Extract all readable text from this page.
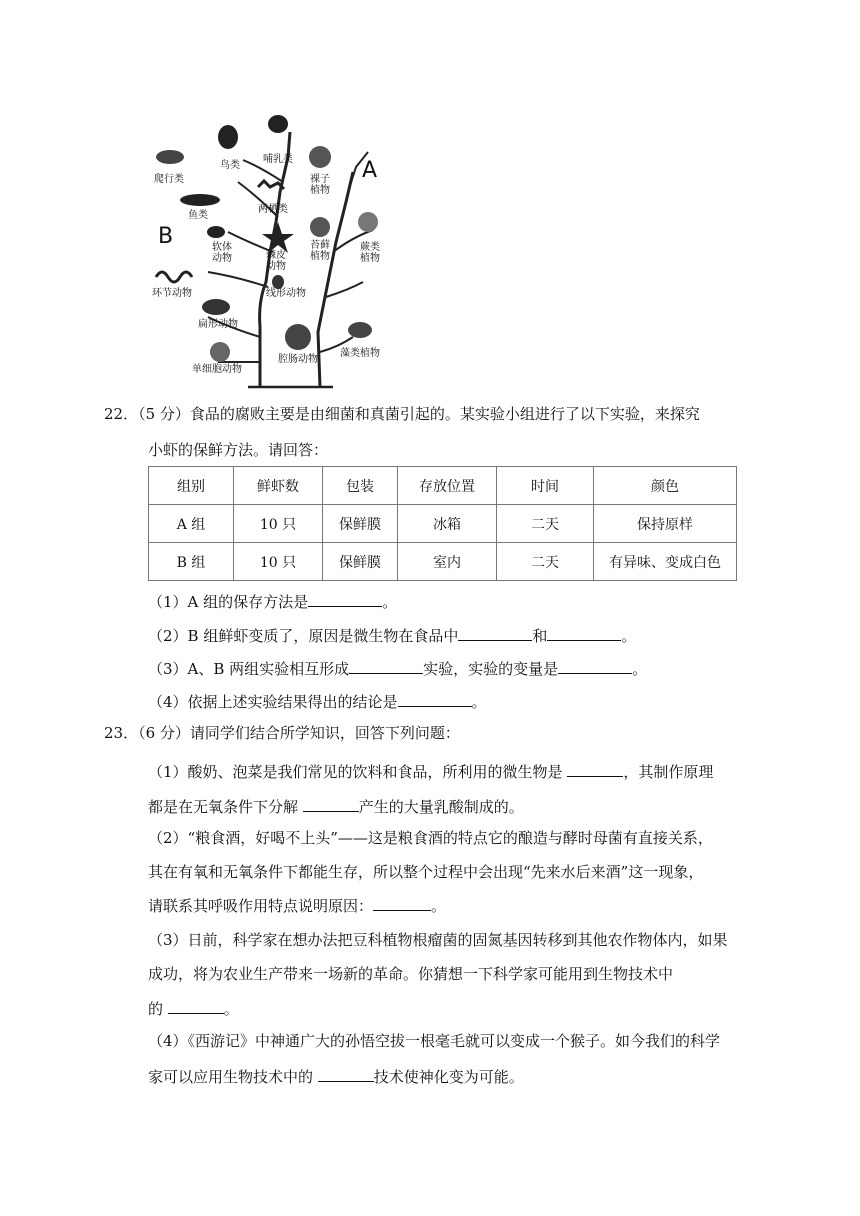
A
B
爬行类
鸟类
哺乳类
裸子
植物
鱼类
两栖类
软体
动物	棘皮
动物
苔藓
植物
蕨类
植物
环节动物	线形动物
扁形动物
腔肠动物
单细胞动物
藻类植物
22．（5 分）食品的腐败主要是由细菌和真菌引起的。某实验小组进行了以下实验，来探究
小虾的保鲜方法。请回答：
组别	鲜虾数	包装	存放位置	时间	颜色
A 组	10 只	保鲜膜	冰箱	二天	保持原样
B 组	10 只	保鲜膜	室内	二天	有异味、变成白色
（1）A 组的保存方法是	。
（2）B 组鲜虾变质了，原因是微生物在食品中	和	。
（3）A、B 两组实验相互形成	实验，实验的变量是	。
（4）依据上述实验结果得出的结论是	。
23．（6 分）请同学们结合所学知识，回答下列问题：
（1）酸奶、泡菜是我们常见的饮料和食品，所利用的微生物是	，其制作原理
都是在无氧条件下分解	产生的大量乳酸制成的。
（2）“粮食酒，好喝不上头”——这是粮食酒的特点它的酿造与酵时母菌有直接关系，
其在有氧和无氧条件下都能生存，所以整个过程中会出现“先来水后来酒”这一现象，
请联系其呼吸作用特点说明原因：	。
（3）日前，科学家在想办法把豆科植物根瘤菌的固氮基因转移到其他农作物体内，如果
成功，将为农业生产带来一场新的革命。你猜想一下科学家可能用到生物技术中
的	。
（4）《西游记》中神通广大的孙悟空拔一根毫毛就可以变成一个猴子。如今我们的科学
家可以应用生物技术中的	技术使神化变为可能。
